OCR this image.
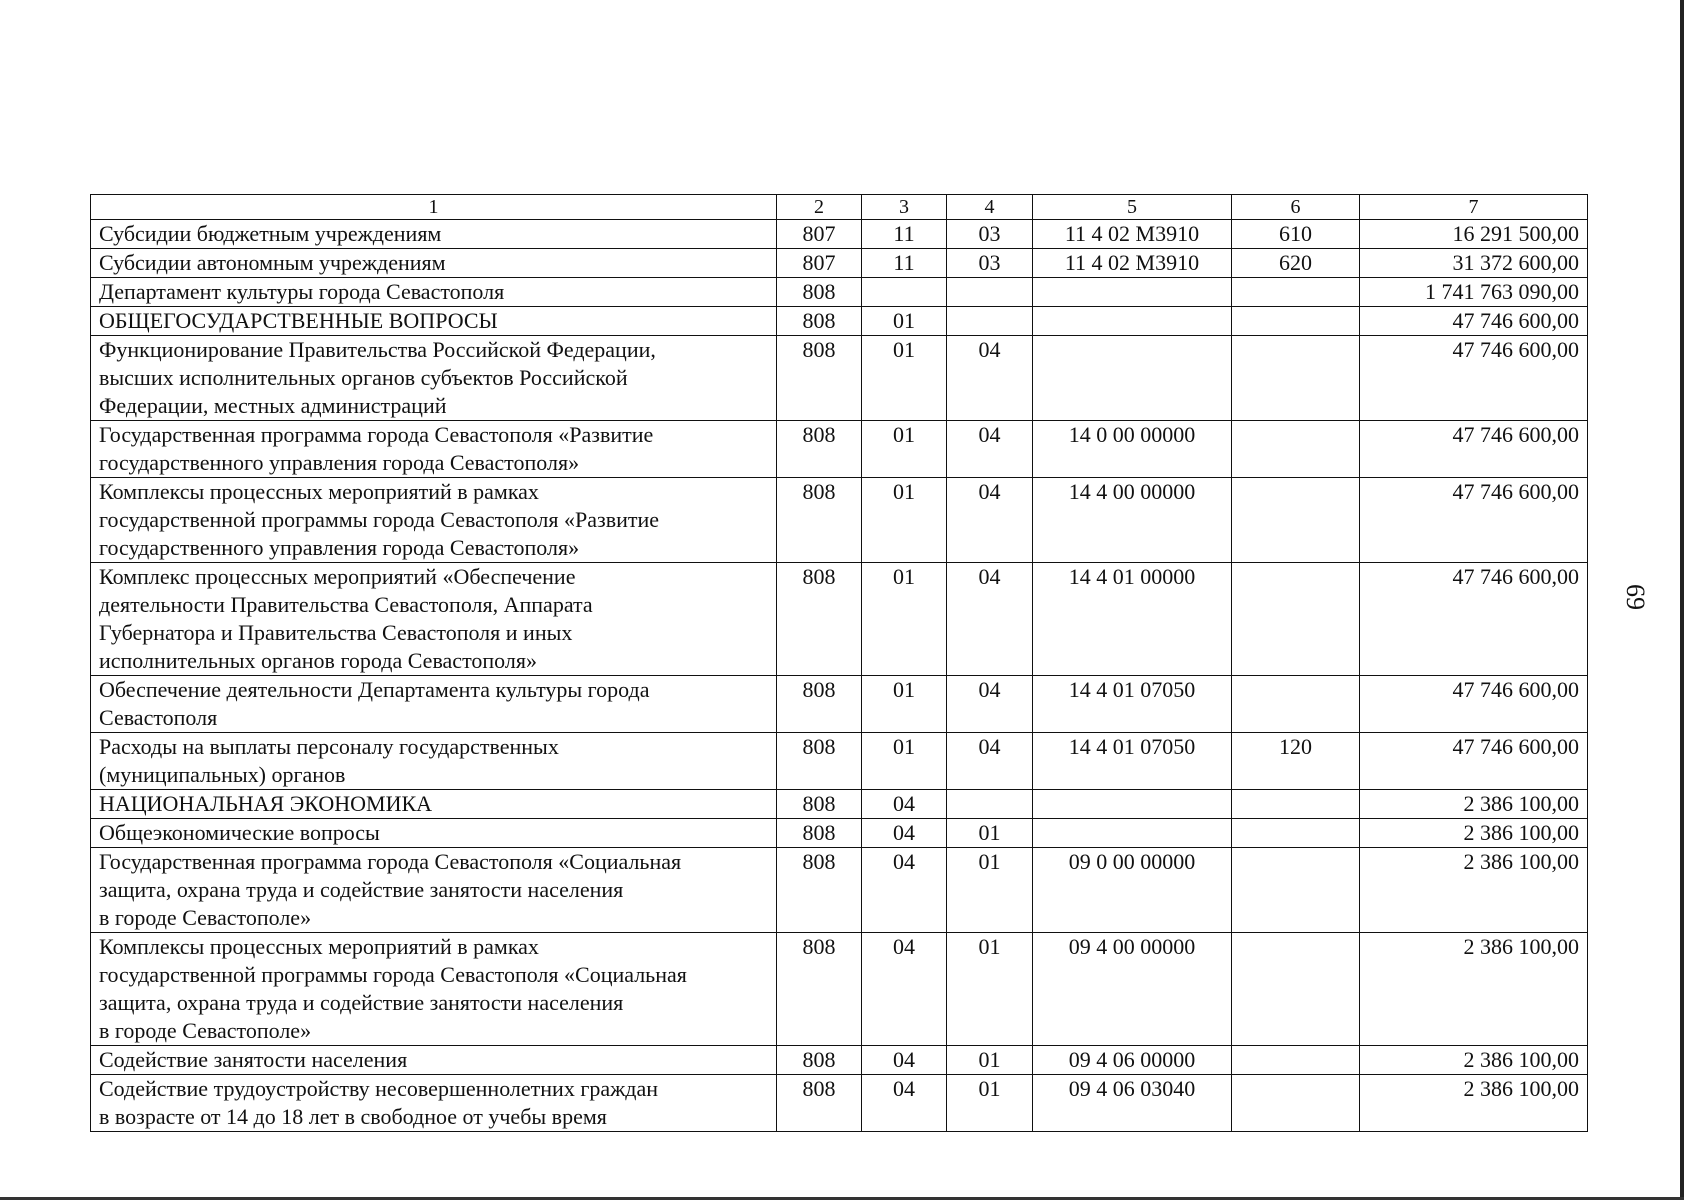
69
1	2	3	4	5	6	7
Субсидии бюджетным учреждениям	807	11	03	11 4 02 M3910	610	16 291 500,00
Субсидии автономным учреждениям	807	11	03	11 4 02 M3910	620	31 372 600,00
Департамент культуры города Севастополя	808					1 741 763 090,00
ОБЩЕГОСУДАРСТВЕННЫЕ ВОПРОСЫ	808	01				47 746 600,00
Функционирование Правительства Российской Федерации,
высших исполнительных органов субъектов Российской
Федерации, местных администраций	808	01	04			47 746 600,00
Государственная программа города Севастополя «Развитие
государственного управления города Севастополя»	808	01	04	14 0 00 00000		47 746 600,00
Комплексы процессных мероприятий в рамках
государственной программы города Севастополя «Развитие
государственного управления города Севастополя»	808	01	04	14 4 00 00000		47 746 600,00
Комплекс процессных мероприятий «Обеспечение
деятельности Правительства Севастополя, Аппарата
Губернатора и Правительства Севастополя и иных
исполнительных органов города Севастополя»	808	01	04	14 4 01 00000		47 746 600,00
Обеспечение деятельности Департамента культуры города
Севастополя	808	01	04	14 4 01 07050		47 746 600,00
Расходы на выплаты персоналу государственных
(муниципальных) органов	808	01	04	14 4 01 07050	120	47 746 600,00
НАЦИОНАЛЬНАЯ ЭКОНОМИКА	808	04				2 386 100,00
Общеэкономические вопросы	808	04	01			2 386 100,00
Государственная программа города Севастополя «Социальная
защита, охрана труда и содействие занятости населения
в городе Севастополе»	808	04	01	09 0 00 00000		2 386 100,00
Комплексы процессных мероприятий в рамках
государственной программы города Севастополя «Социальная
защита, охрана труда и содействие занятости населения
в городе Севастополе»	808	04	01	09 4 00 00000		2 386 100,00
Содействие занятости населения	808	04	01	09 4 06 00000		2 386 100,00
Содействие трудоустройству несовершеннолетних граждан
в возрасте от 14 до 18 лет в свободное от учебы время	808	04	01	09 4 06 03040		2 386 100,00
